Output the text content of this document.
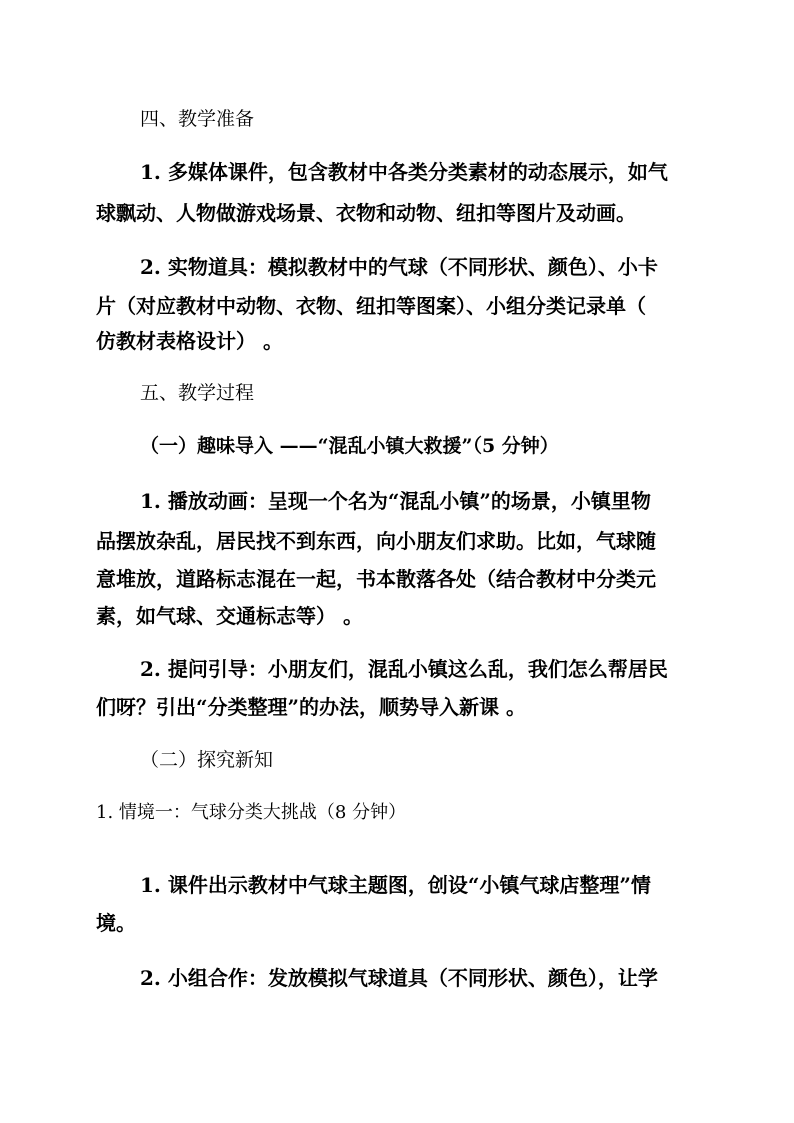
四、教学准备

1. 多媒体课件，包含教材中各类分类素材的动态展示，如气

球飘动、人物做游戏场景、衣物和动物、纽扣等图片及动画。

2. 实物道具：模拟教材中的气球（不同形状、颜色）、小卡

片（对应教材中动物、衣物、纽扣等图案）、小组分类记录单（

仿教材表格设计） 。

五、教学过程

（一）趣味导入 ——“混乱小镇大救援”（5 分钟）

1. 播放动画：呈现一个名为“混乱小镇”的场景，小镇里物

品摆放杂乱，居民找不到东西，向小朋友们求助。比如，气球随

意堆放，道路标志混在一起，书本散落各处（结合教材中分类元

素，如气球、交通标志等） 。

2. 提问引导：小朋友们，混乱小镇这么乱，我们怎么帮居民

们呀？引出“分类整理”的办法，顺势导入新课 。

（二）探究新知

1. 情境一：气球分类大挑战（8 分钟）

1. 课件出示教材中气球主题图，创设“小镇气球店整理”情

境。

2. 小组合作：发放模拟气球道具（不同形状、颜色），让学
